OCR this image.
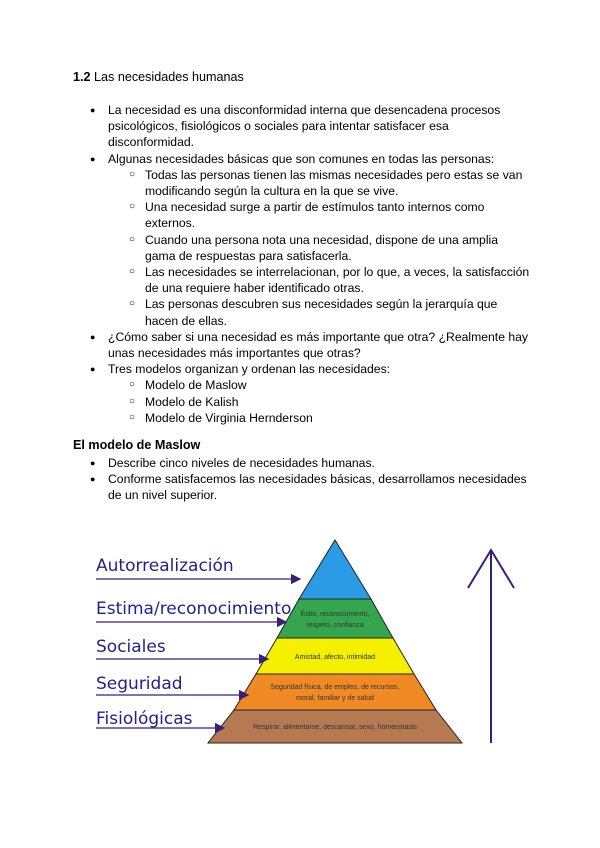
1.2 Las necesidades humanas
● La necesidad es una disconformidad interna que desencadena procesos psicológicos, fisiológicos o sociales para intentar satisfacer esa disconformidad.
● Algunas necesidades básicas que son comunes en todas las personas:
○ Todas las personas tienen las mismas necesidades pero estas se van modificando según la cultura en la que se vive.
○ Una necesidad surge a partir de estímulos tanto internos como externos.
○ Cuando una persona nota una necesidad, dispone de una amplia gama de respuestas para satisfacerla.
○ Las necesidades se interrelacionan, por lo que, a veces, la satisfacción de una requiere haber identificado otras.
○ Las personas descubren sus necesidades según la jerarquía que hacen de ellas.
● ¿Cómo saber si una necesidad es más importante que otra? ¿Realmente hay unas necesidades más importantes que otras?
● Tres modelos organizan y ordenan las necesidades:
○ Modelo de Maslow
○ Modelo de Kalish
○ Modelo de Virginia Hernderson
El modelo de Maslow
● Describe cinco niveles de necesidades humanas.
● Conforme satisfacemos las necesidades básicas, desarrollamos necesidades de un nivel superior.
Éxito, reconocimiento,
respeto, confianza
Amistad, afecto, intimidad
Seguridad física, de empleo, de recursos,
moral, familiar y de salud
Respirar, alimentarse, descansar, sexo, homeostasis
Autorrealización
Estima/reconocimiento
Sociales
Seguridad
Fisiológicas
